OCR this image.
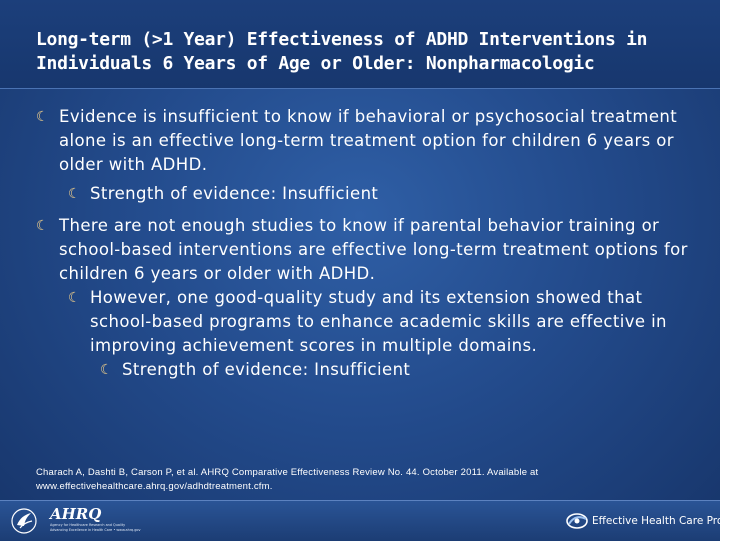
Long-term (>1 Year) Effectiveness of ADHD Interventions in Individuals 6 Years of Age or Older: Nonpharmacologic
☾ Evidence is insufficient to know if behavioral or psychosocial treatment alone is an effective long-term treatment option for children 6 years or older with ADHD.
☾ Strength of evidence: Insufficient
☾ There are not enough studies to know if parental behavior training or school-based interventions are effective long-term treatment options for children 6 years or older with ADHD.
☾ However, one good-quality study and its extension showed that school-based programs to enhance academic skills are effective in improving achievement scores in multiple domains.
☾ Strength of evidence: Insufficient
Charach A, Dashti B, Carson P, et al. AHRQ Comparative Effectiveness Review No. 44. October 2011. Available at www.effectivehealthcare.ahrq.gov/adhdtreatment.cfm.
AHRQ
Agency for Healthcare Research and Quality
Advancing Excellence in Health Care • www.ahrq.gov
Effective Health Care Program
